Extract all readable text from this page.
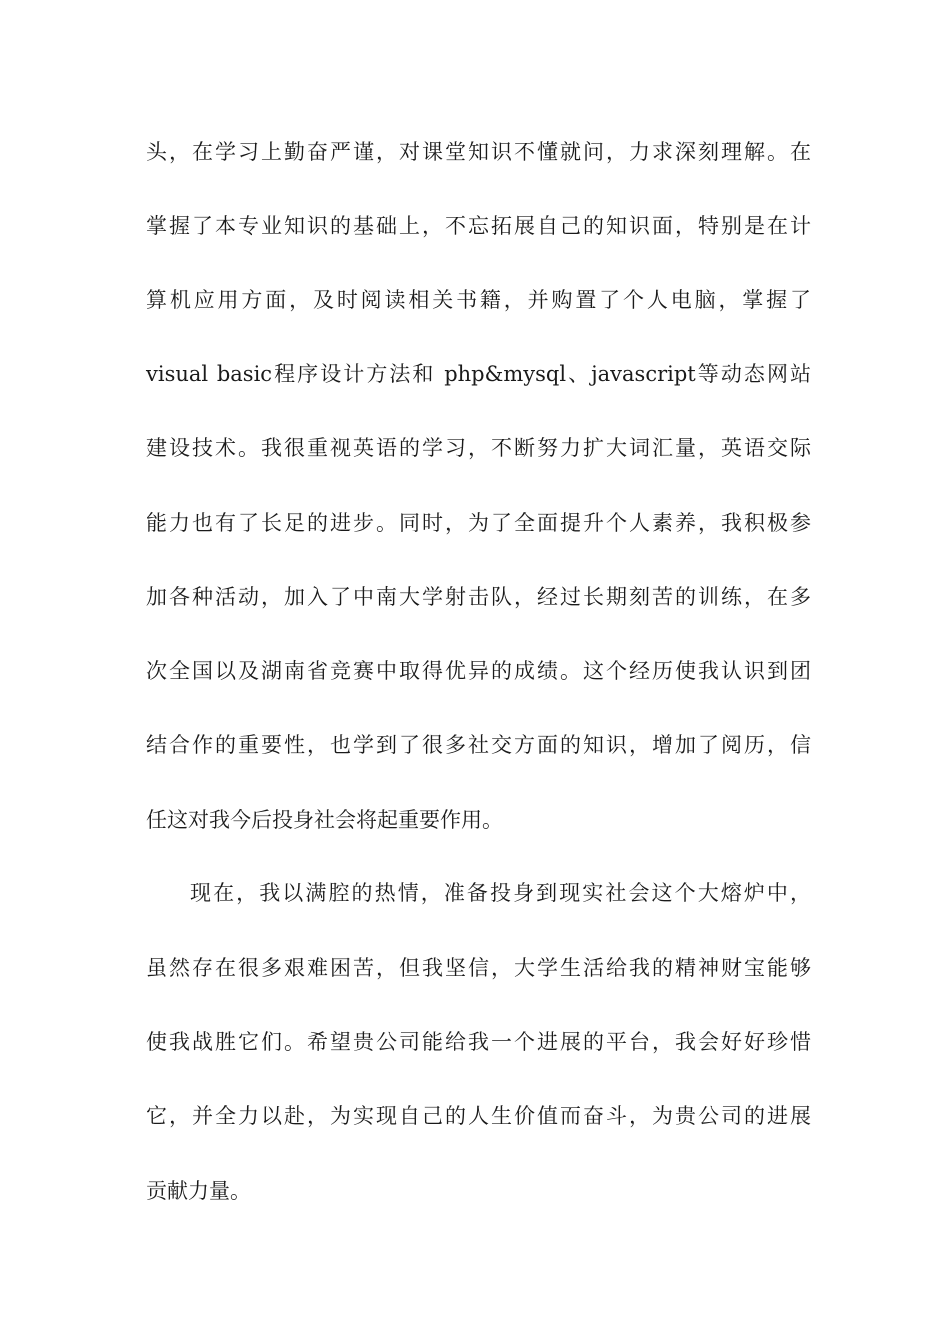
头，在学习上勤奋严谨，对课堂知识不懂就问，力求深刻理解。在
掌握了本专业知识的基础上，不忘拓展自己的知识面，特别是在计
算机应用方面，及时阅读相关书籍，并购置了个人电脑，掌握了
visual basic程序设计方法和 php&mysql、javascript等动态网站
建设技术。我很重视英语的学习，不断努力扩大词汇量，英语交际
能力也有了长足的进步。同时，为了全面提升个人素养，我积极参
加各种活动，加入了中南大学射击队，经过长期刻苦的训练，在多
次全国以及湖南省竞赛中取得优异的成绩。这个经历使我认识到团
结合作的重要性，也学到了很多社交方面的知识，增加了阅历，信
任这对我今后投身社会将起重要作用。
现在，我以满腔的热情，准备投身到现实社会这个大熔炉中，
虽然存在很多艰难困苦，但我坚信，大学生活给我的精神财宝能够
使我战胜它们。希望贵公司能给我一个进展的平台，我会好好珍惜
它，并全力以赴，为实现自己的人生价值而奋斗，为贵公司的进展
贡献力量。
